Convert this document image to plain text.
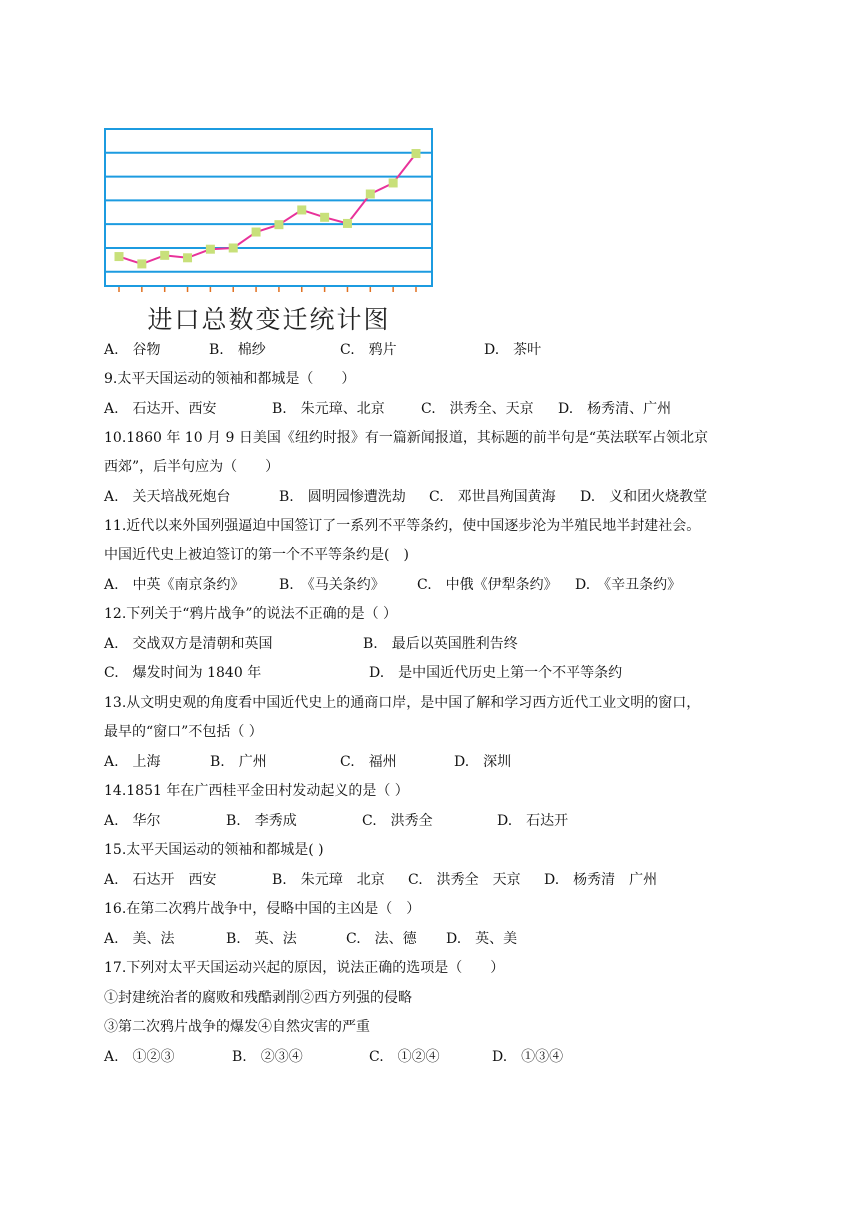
进口总数变迁统计图
A.　谷物	B.　棉纱	C.　鸦片	D.　茶叶
9.太平天国运动的领袖和都城是（　　）
A.　石达开、西安	B.　朱元璋、北京	C.　洪秀全、天京 D.　杨秀清、广州
10.1860 年 10 月 9 日美国《纽约时报》有一篇新闻报道，其标题的前半句是“英法联军占领北京
西郊”，后半句应为（　　）
A.　关天培战死炮台	B.　圆明园惨遭洗劫 C.　邓世昌殉国黄海 D.　义和团火烧教堂
11.近代以来外国列强逼迫中国签订了一系列不平等条约，使中国逐步沦为半殖民地半封建社会。
中国近代史上被迫签订的第一个不平等条约是(　)
A.　中英《南京条约》 B.　《马关条约》 C.　中俄《伊犁条约》 D.　《辛丑条约》
12.下列关于“鸦片战争”的说法不正确的是（ ）
A.　交战双方是清朝和英国	B.　最后以英国胜利告终
C.　爆发时间为 1840 年	D.　是中国近代历史上第一个不平等条约
13.从文明史观的角度看中国近代史上的通商口岸，是中国了解和学习西方近代工业文明的窗口，
最早的“窗口”不包括（ ）
A.　上海	B.　广州	C.　福州	D.　深圳
14.1851 年在广西桂平金田村发动起义的是（ ）
A.　华尔	B.　李秀成	C.　洪秀全	D.　石达开
15.太平天国运动的领袖和都城是( )
A.　石达开　西安	B.　朱元璋　北京 C.　洪秀全　天京 D.　杨秀清　广州
16.在第二次鸦片战争中，侵略中国的主凶是（　）
A.　美、法	B.　英、法	C.　法、德 D.　英、美
17.下列对太平天国运动兴起的原因，说法正确的选项是（　　）
①封建统治者的腐败和残酷剥削②西方列强的侵略
③第二次鸦片战争的爆发④自然灾害的严重
A.　①②③	B.　②③④	C.　①②④	D.　①③④
